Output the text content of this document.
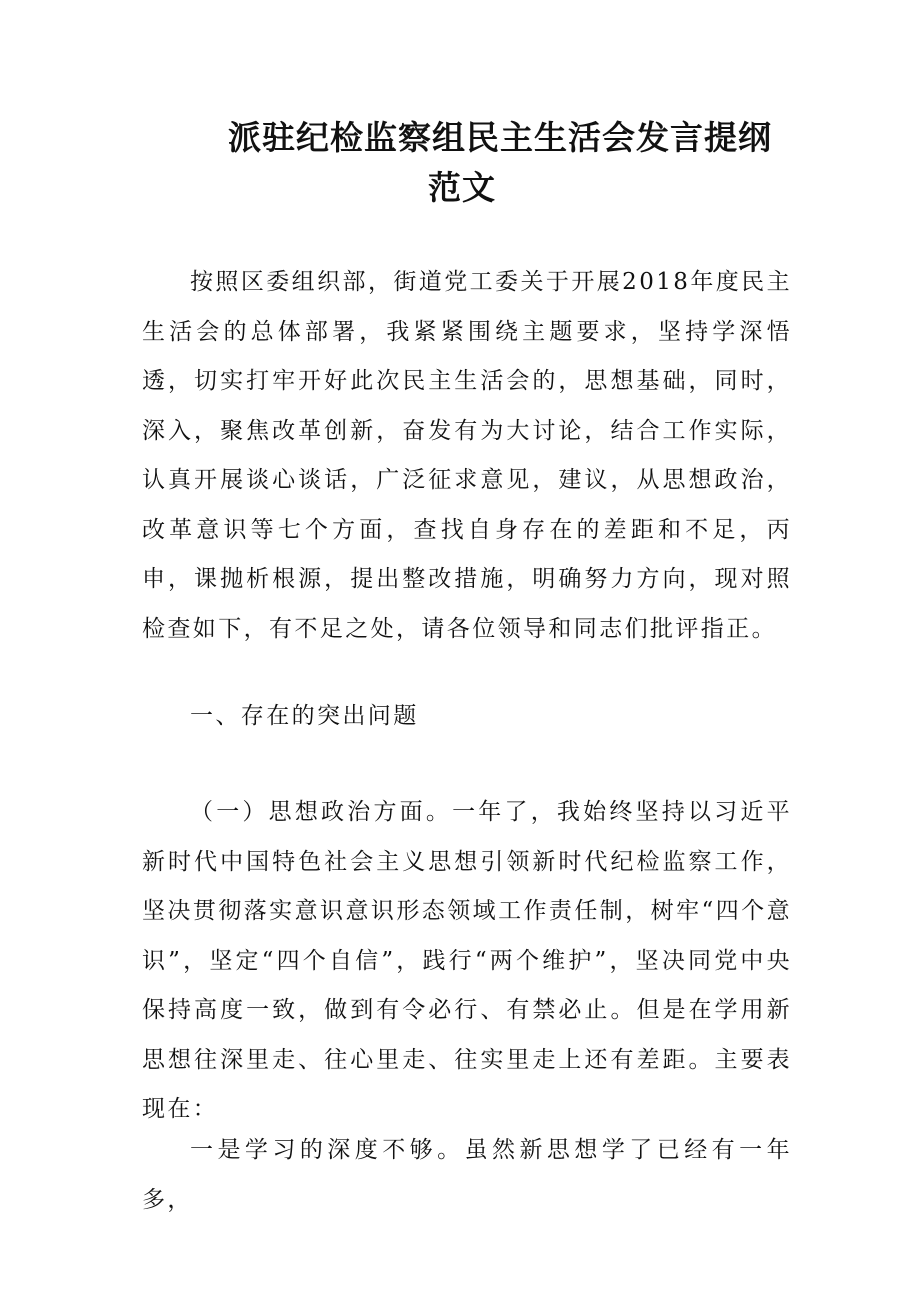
派驻纪检监察组民主生活会发言提纲
范文

按照区委组织部，街道党工委关于开展2018年度民主生活会的总体部署，我紧紧围绕主题要求，坚持学深悟透，切实打牢开好此次民主生活会的，思想基础，同时，深入，聚焦改革创新，奋发有为大讨论，结合工作实际，认真开展谈心谈话，广泛征求意见，建议，从思想政治，改革意识等七个方面，查找自身存在的差距和不足，丙申，课抛析根源，提出整改措施，明确努力方向，现对照检查如下，有不足之处，请各位领导和同志们批评指正。

一、存在的突出问题

（一）思想政治方面。一年了，我始终坚持以习近平新时代中国特色社会主义思想引领新时代纪检监察工作，坚决贯彻落实意识意识形态领域工作责任制，树牢“四个意识”，坚定“四个自信”，践行“两个维护”，坚决同党中央保持高度一致，做到有令必行、有禁必止。但是在学用新思想往深里走、往心里走、往实里走上还有差距。主要表现在：

一是学习的深度不够。虽然新思想学了已经有一年多，
